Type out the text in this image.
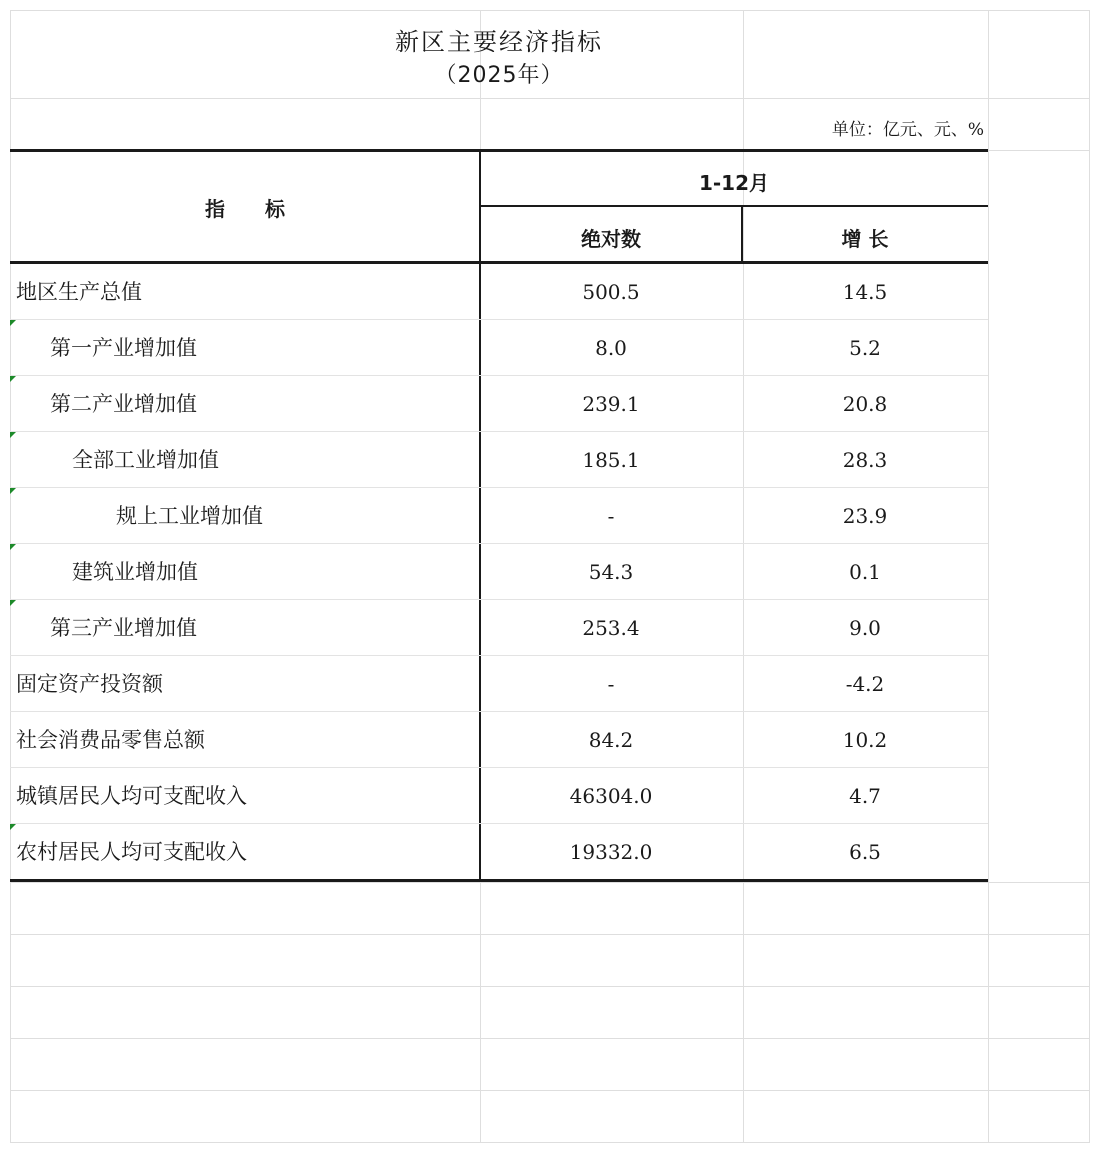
新区主要经济指标
（2025年）
单位：亿元、元、%
指　　标
1-12月
绝对数	增 长
地区生产总值	500.5	14.5
第一产业增加值	8.0	5.2
第二产业增加值	239.1	20.8
全部工业增加值	185.1	28.3
规上工业增加值	-	23.9
建筑业增加值	54.3	0.1
第三产业增加值	253.4	9.0
固定资产投资额	-	-4.2
社会消费品零售总额	84.2	10.2
城镇居民人均可支配收入	46304.0	4.7
农村居民人均可支配收入	19332.0	6.5
